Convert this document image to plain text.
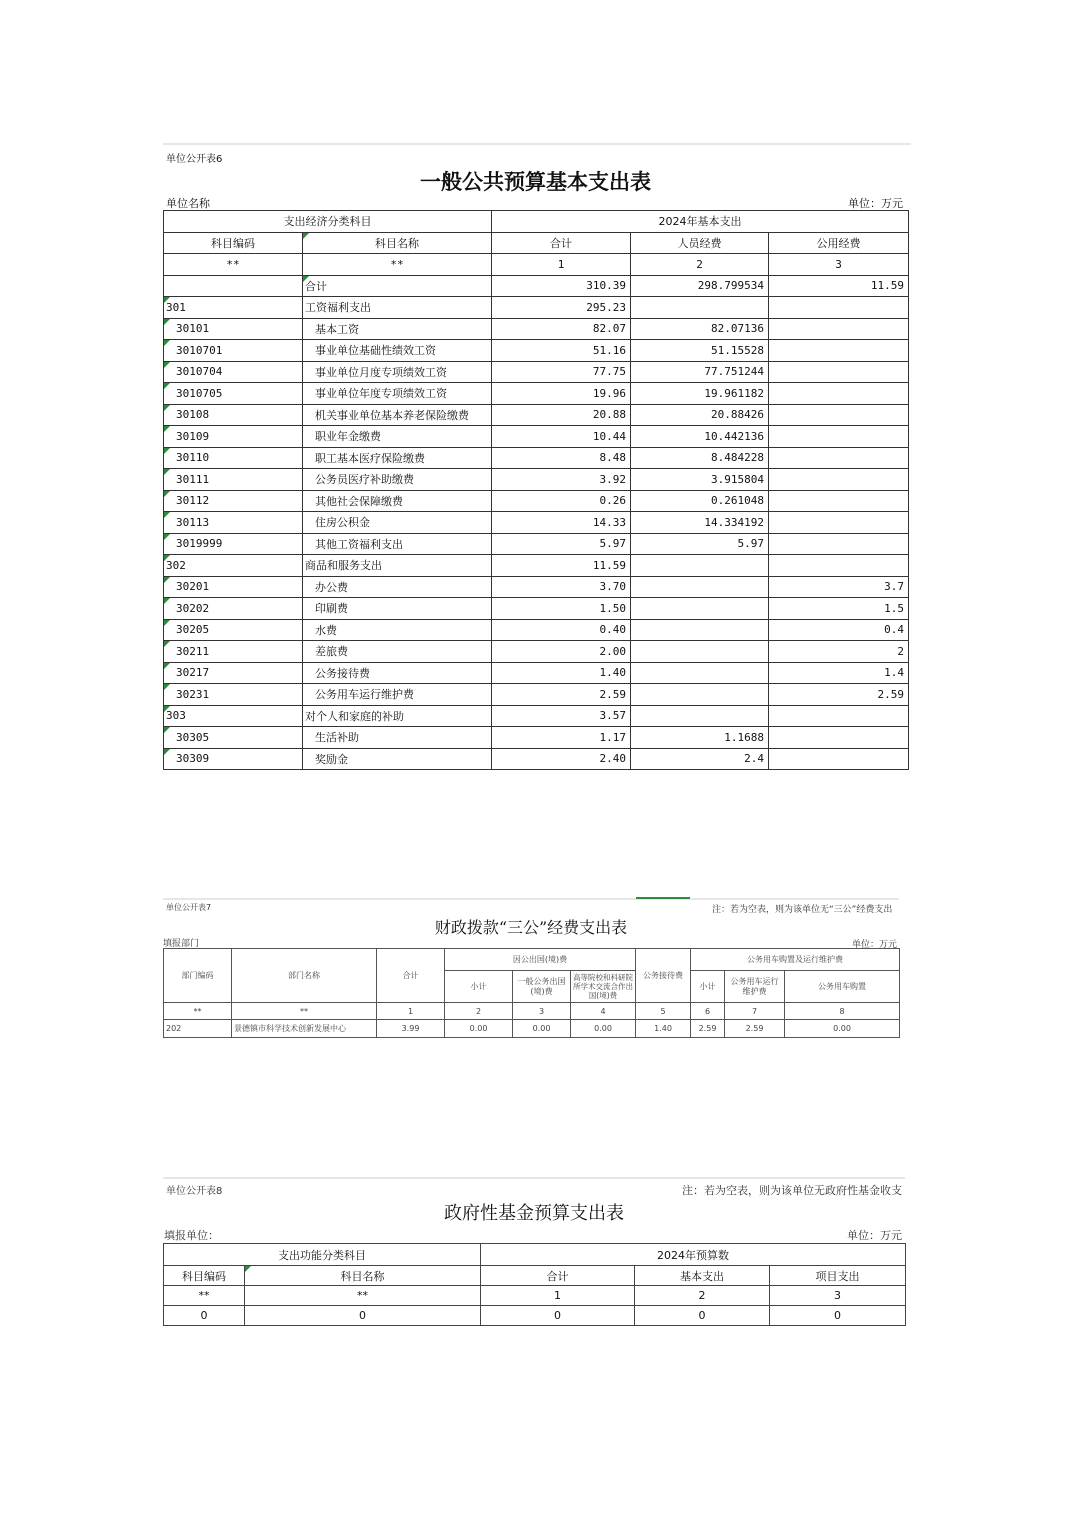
单位公开表6
一般公共预算基本支出表
单位名称	单位：万元
支出经济分类科目		2024年基本支出		
科目编码	科目名称	合计	人员经费	公用经费
**	**	1	2	3
	合计	310.39	298.799534	11.59
301	工资福利支出	295.23		
30101	基本工资	82.07	82.07136	
3010701	事业单位基础性绩效工资	51.16	51.15528	
3010704	事业单位月度专项绩效工资	77.75	77.751244	
3010705	事业单位年度专项绩效工资	19.96	19.961182	
30108	机关事业单位基本养老保险缴费	20.88	20.88426	
30109	职业年金缴费	10.44	10.442136	
30110	职工基本医疗保险缴费	8.48	8.484228	
30111	公务员医疗补助缴费	3.92	3.915804	
30112	其他社会保障缴费	0.26	0.261048	
30113	住房公积金	14.33	14.334192	
3019999	其他工资福利支出	5.97	5.97	
302	商品和服务支出	11.59		
30201	办公费	3.70		3.7
30202	印刷费	1.50		1.5
30205	水费	0.40		0.4
30211	差旅费	2.00		2
30217	公务接待费	1.40		1.4
30231	公务用车运行维护费	2.59		2.59
303	对个人和家庭的补助	3.57		
30305	生活补助	1.17	1.1688	
30309	奖励金	2.40	2.4	
单位公开表7	注：若为空表，则为该单位无“三公”经费支出
财政拨款“三公”经费支出表
填报部门	单位：万元
部门编码	部门名称	合计	因公出国(境)费			公务接待费	公务用车购置及运行维护费		
			小计	一般公务出国(境)费	高等院校和科研院所学术交流合作出国(境)费		小计	公务用车运行维护费	公务用车购置
**	**	1	2	3	4	5	6	7	8
202	景德镇市科学技术创新发展中心	3.99	0.00	0.00	0.00	1.40	2.59	2.59	0.00
单位公开表8	注：若为空表，则为该单位无政府性基金收支
政府性基金预算支出表
填报单位：	单位：万元
支出功能分类科目		2024年预算数		
科目编码	科目名称	合计	基本支出	项目支出
**	**	1	2	3
0	0	0	0	0
